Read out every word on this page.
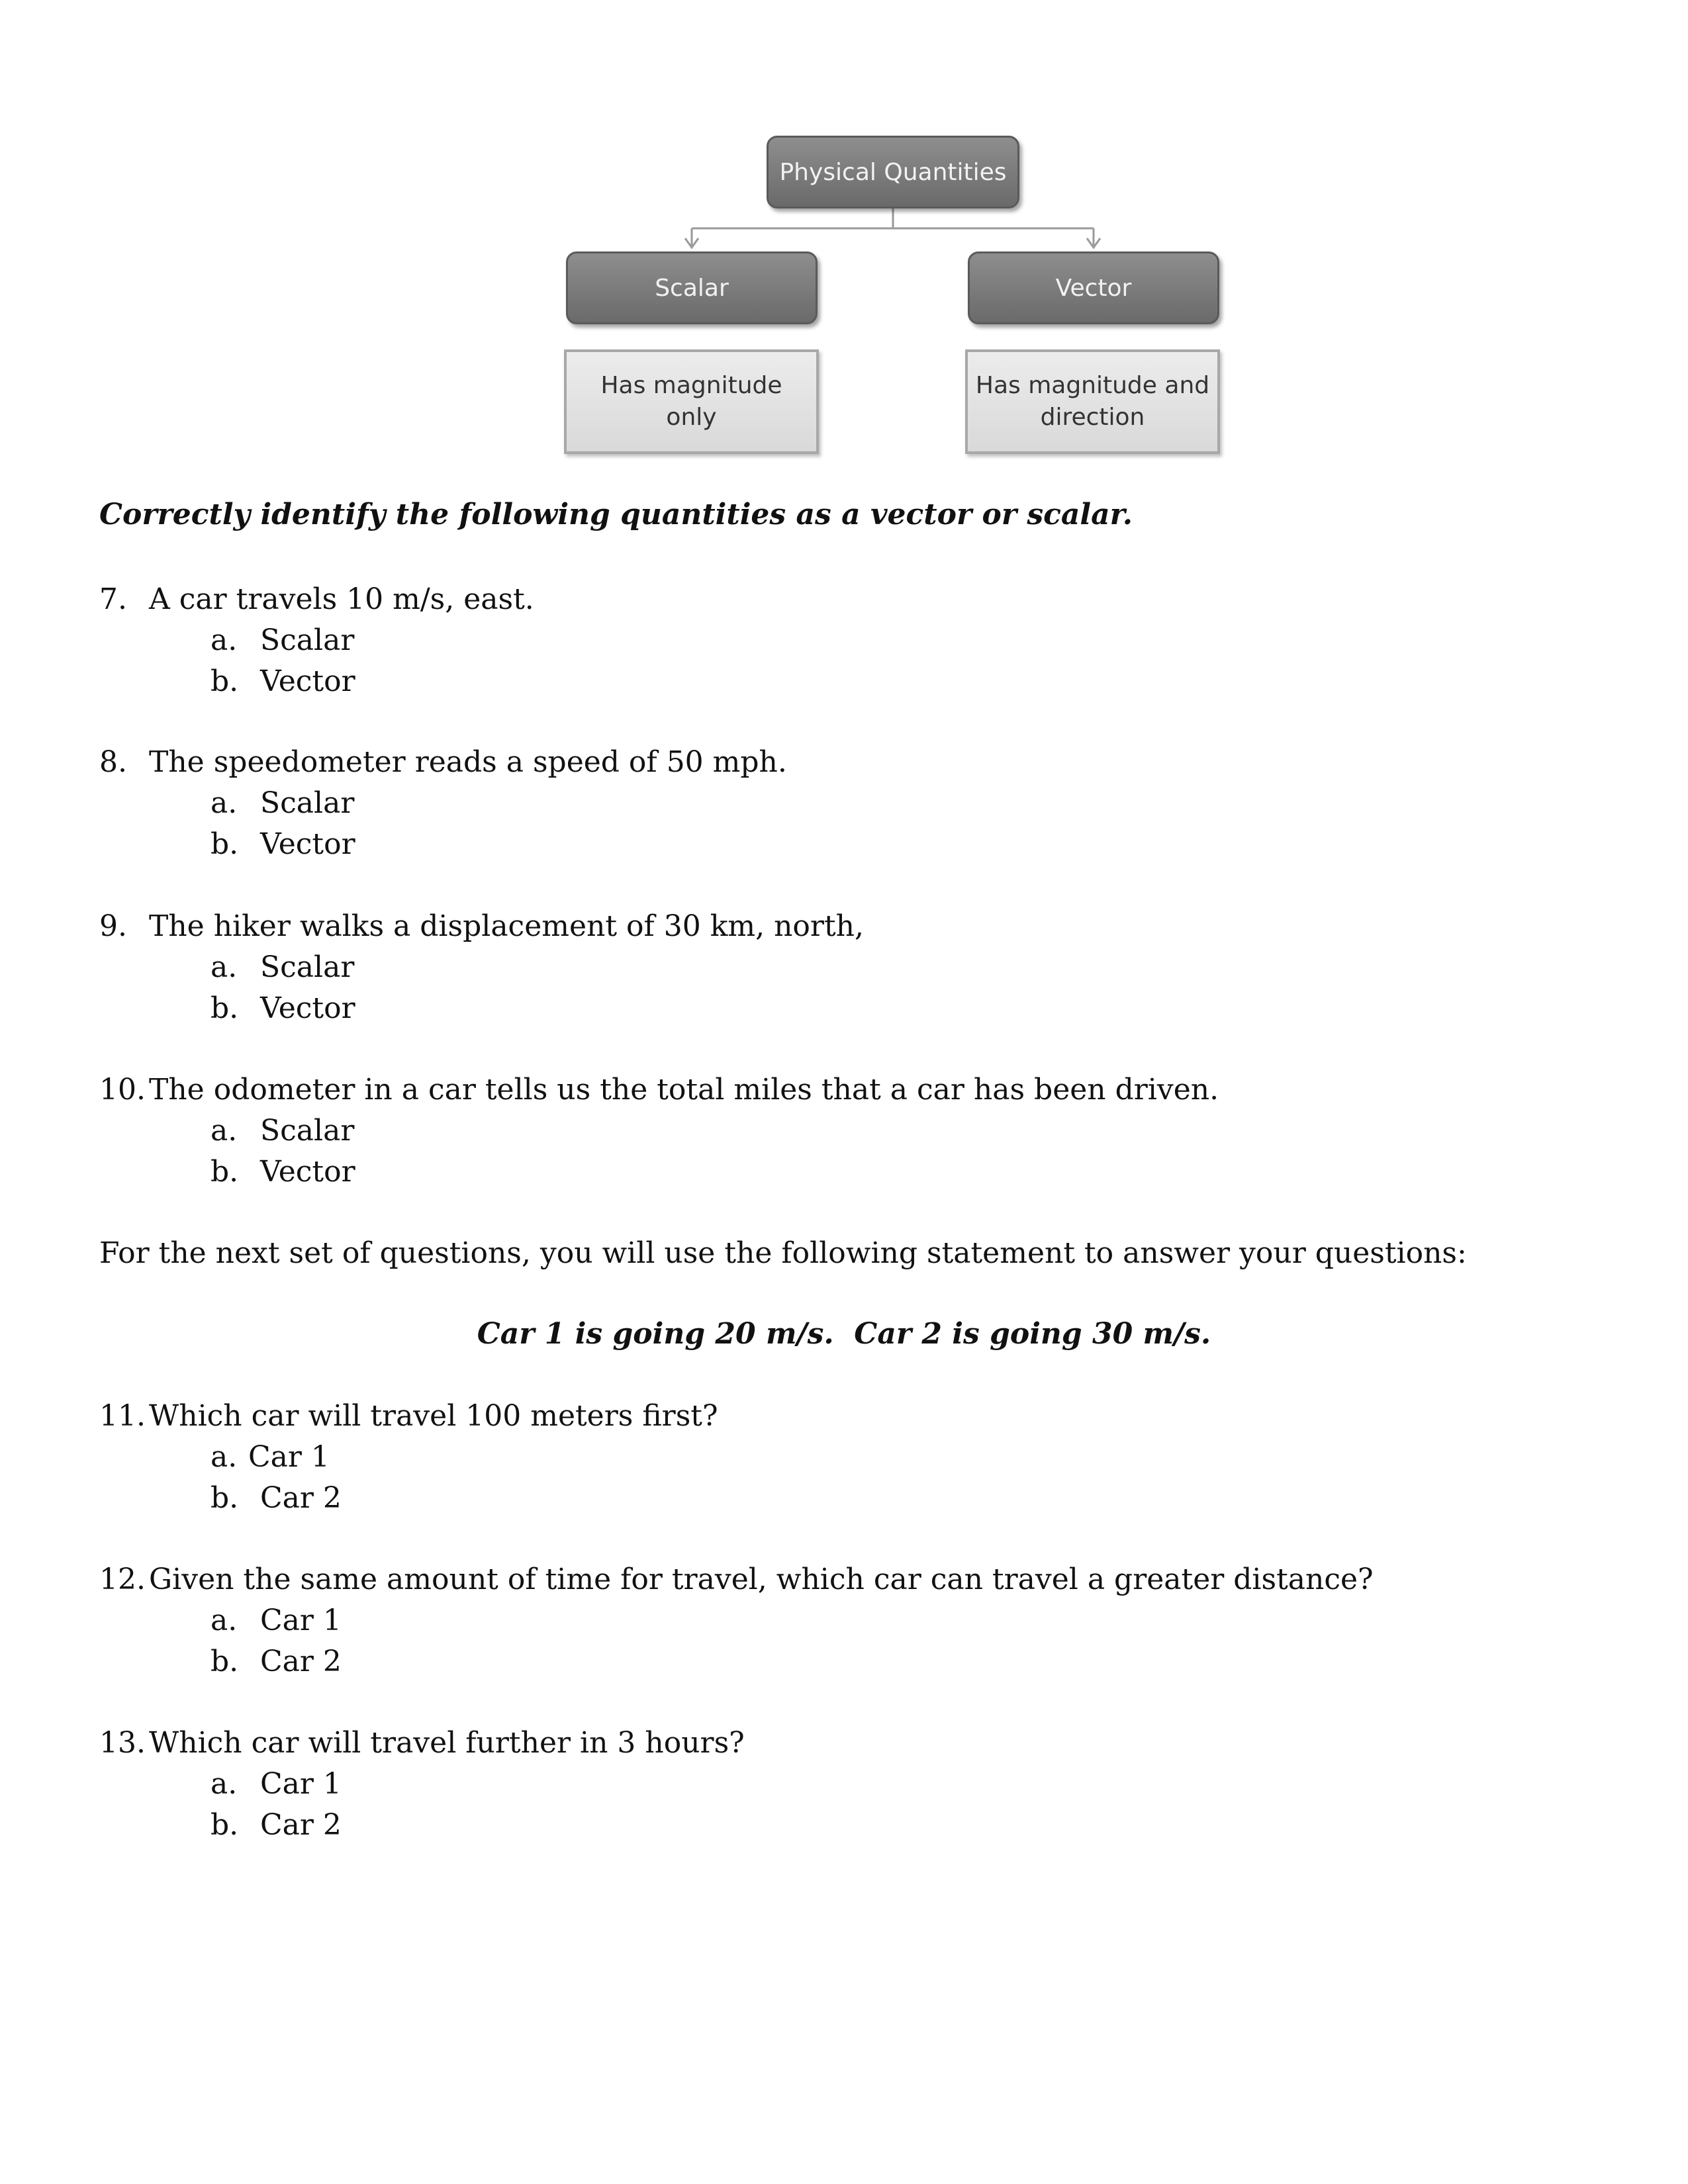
Physical Quantities
Scalar	Vector
Has magnitude only
Has magnitude and
direction
Correctly identify the following quantities as a vector or scalar.
7. A car travels 10 m/s, east.
a. Scalar
b. Vector
8. The speedometer reads a speed of 50 mph.
a. Scalar
b. Vector
9. The hiker walks a displacement of 30 km, north,
a. Scalar
b. Vector
10. The odometer in a car tells us the total miles that a car has been driven.
a. Scalar
b. Vector
For the next set of questions, you will use the following statement to answer your questions:
Car 1 is going 20 m/s.  Car 2 is going 30 m/s.
11. Which car will travel 100 meters first?
a. Car 1
b. Car 2
12. Given the same amount of time for travel, which car can travel a greater distance?
a. Car 1
b. Car 2
13. Which car will travel further in 3 hours?
a. Car 1
b. Car 2
